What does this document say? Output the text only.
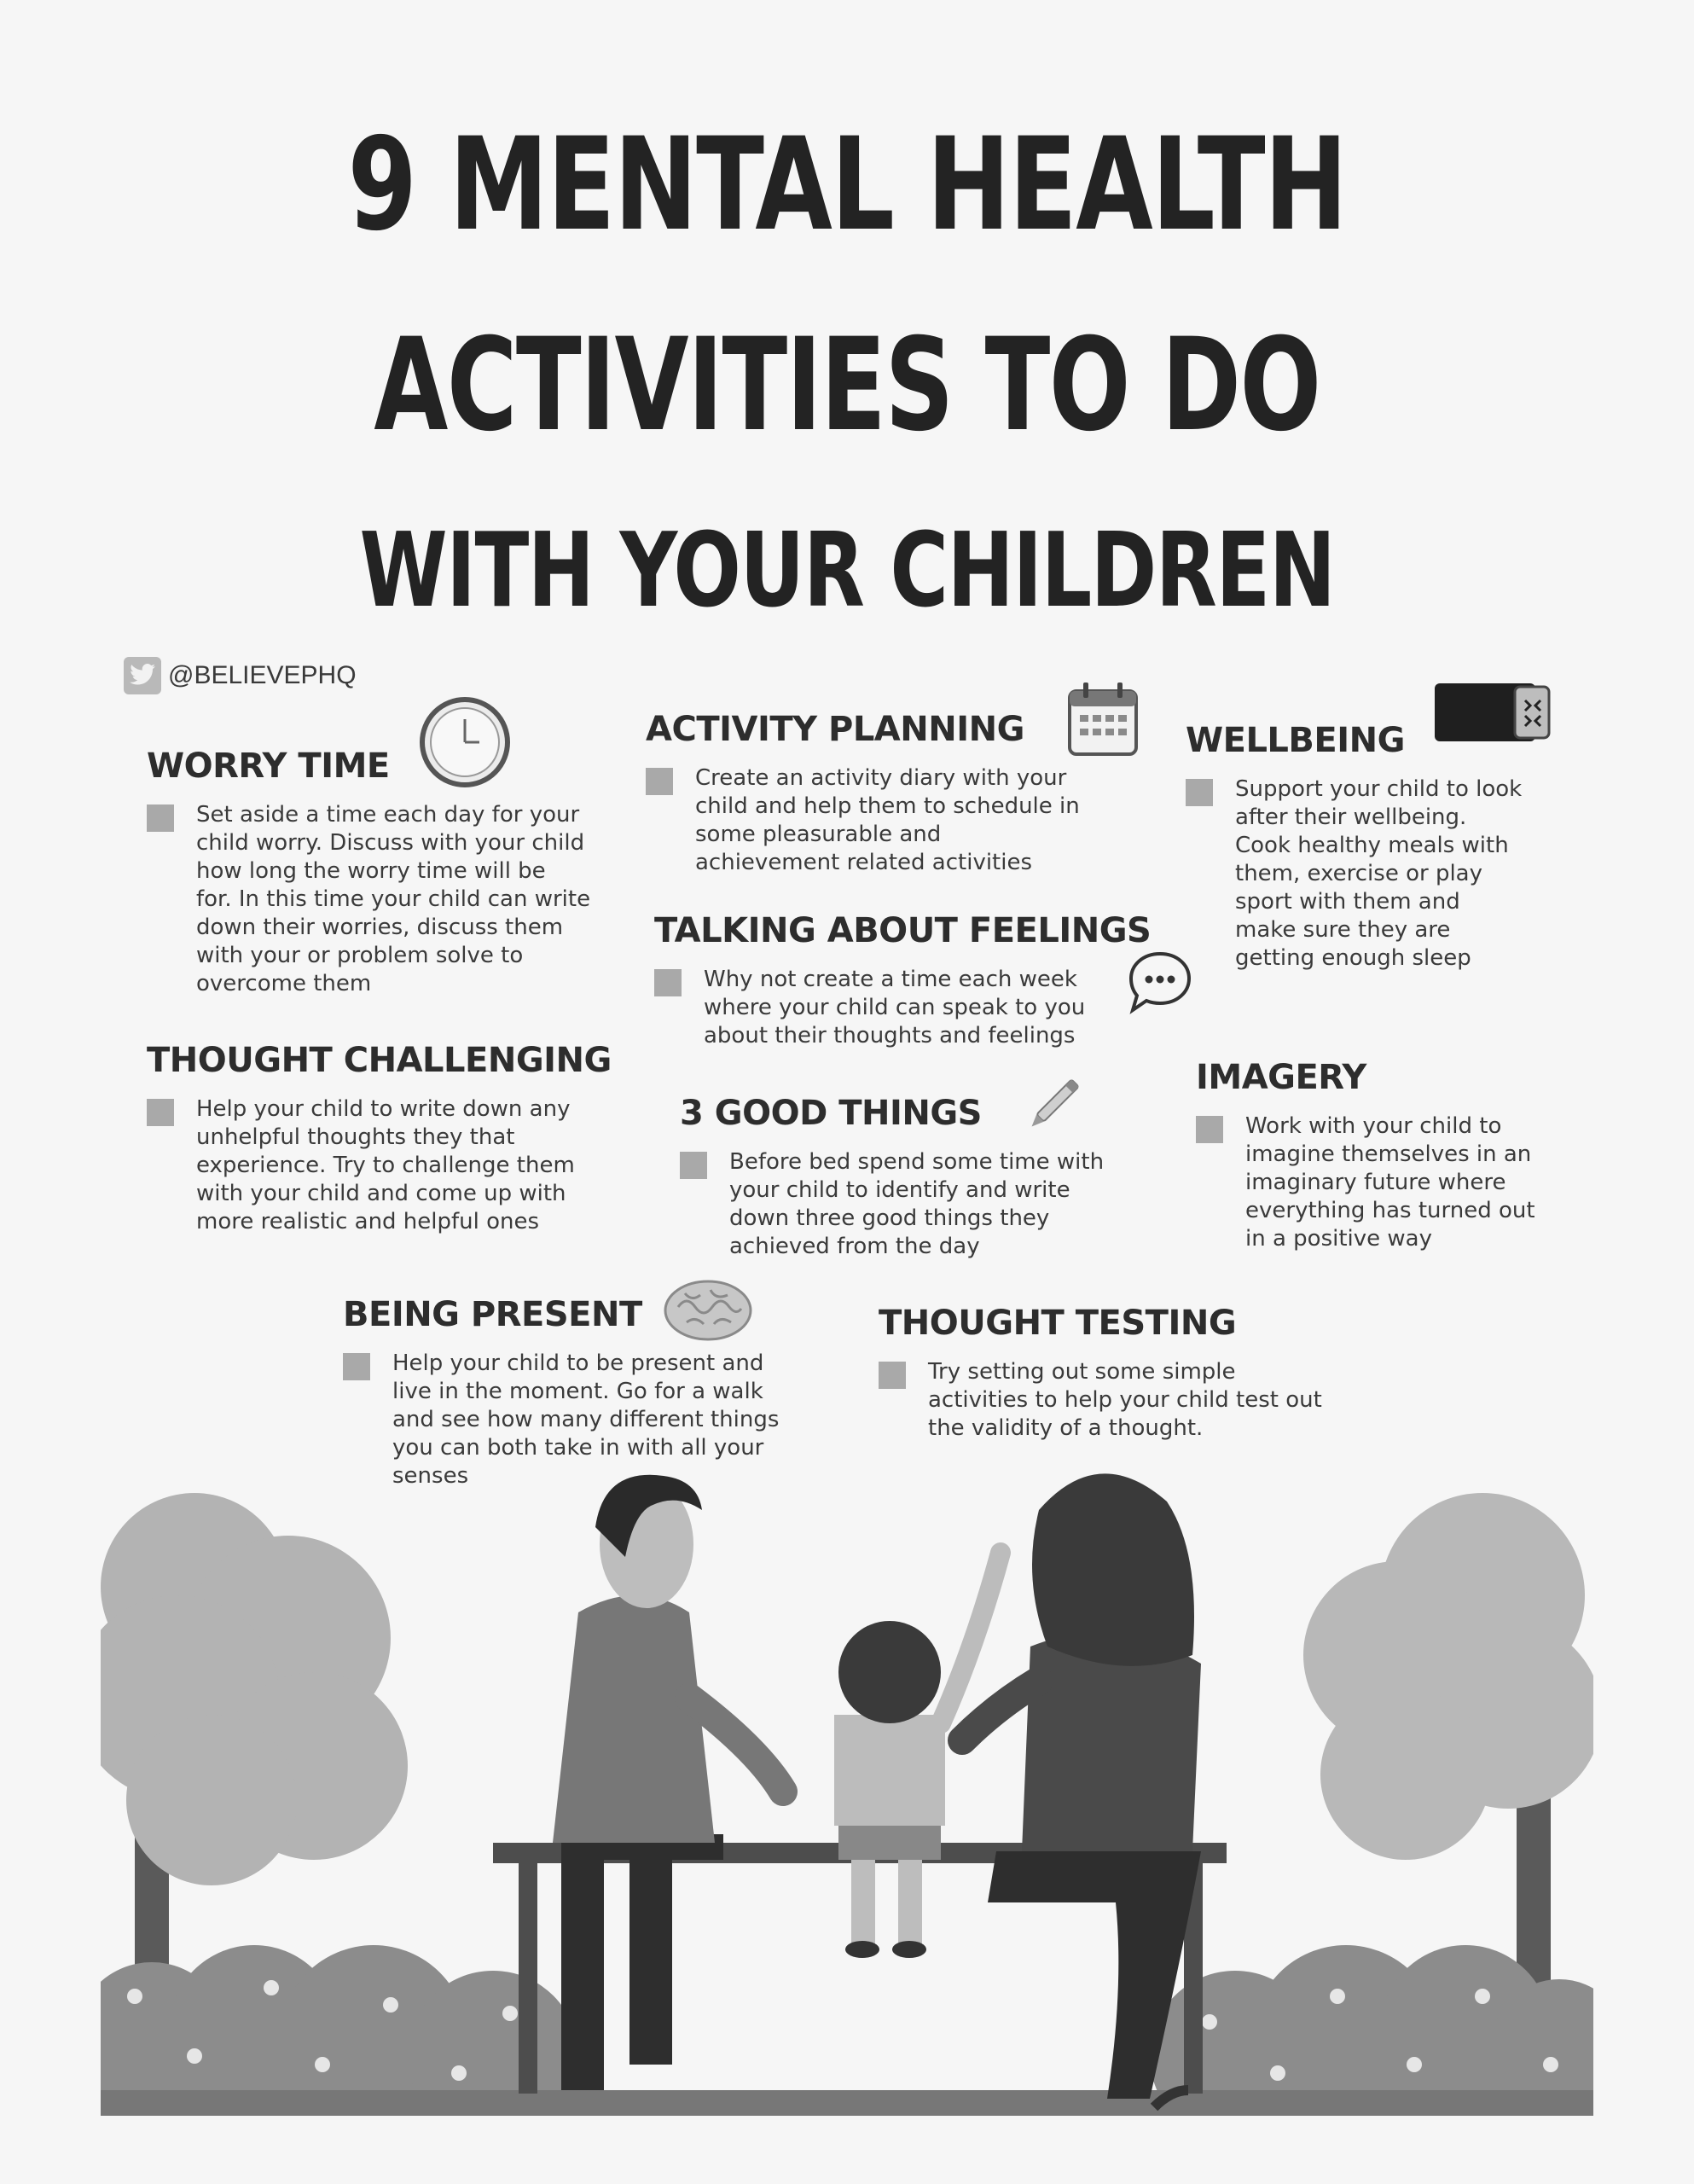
9 MENTAL HEALTH
ACTIVITIES TO DO
WITH YOUR CHILDREN
@BELIEVEPHQ
WORRY TIME

Set aside a time each day for your
child worry. Discuss with your child
how long the worry time will be
for. In this time your child can write
down their worries, discuss them
with your or problem solve to
overcome them

ACTIVITY PLANNING

Create an activity diary with your
child and help them to schedule in
some pleasurable and
achievement related activities

WELLBEING

Support your child to look
after their wellbeing.
Cook healthy meals with
them, exercise or play
sport with them and
make sure they are
getting enough sleep

TALKING ABOUT FEELINGS

Why not create a time each week
where your child can speak to you
about their thoughts and feelings

THOUGHT CHALLENGING

Help your child to write down any
unhelpful thoughts they that
experience. Try to challenge them
with your child and come up with
more realistic and helpful ones

3 GOOD THINGS

Before bed spend some time with
your child to identify and write
down three good things they
achieved from the day

IMAGERY

Work with your child to
imagine themselves in an
imaginary future where
everything has turned out
in a positive way

BEING PRESENT

Help your child to be present and
live in the moment. Go for a walk
and see how many different things
you can both take in with all your
senses

THOUGHT TESTING

Try setting out some simple
activities to help your child test out
the validity of a thought.
